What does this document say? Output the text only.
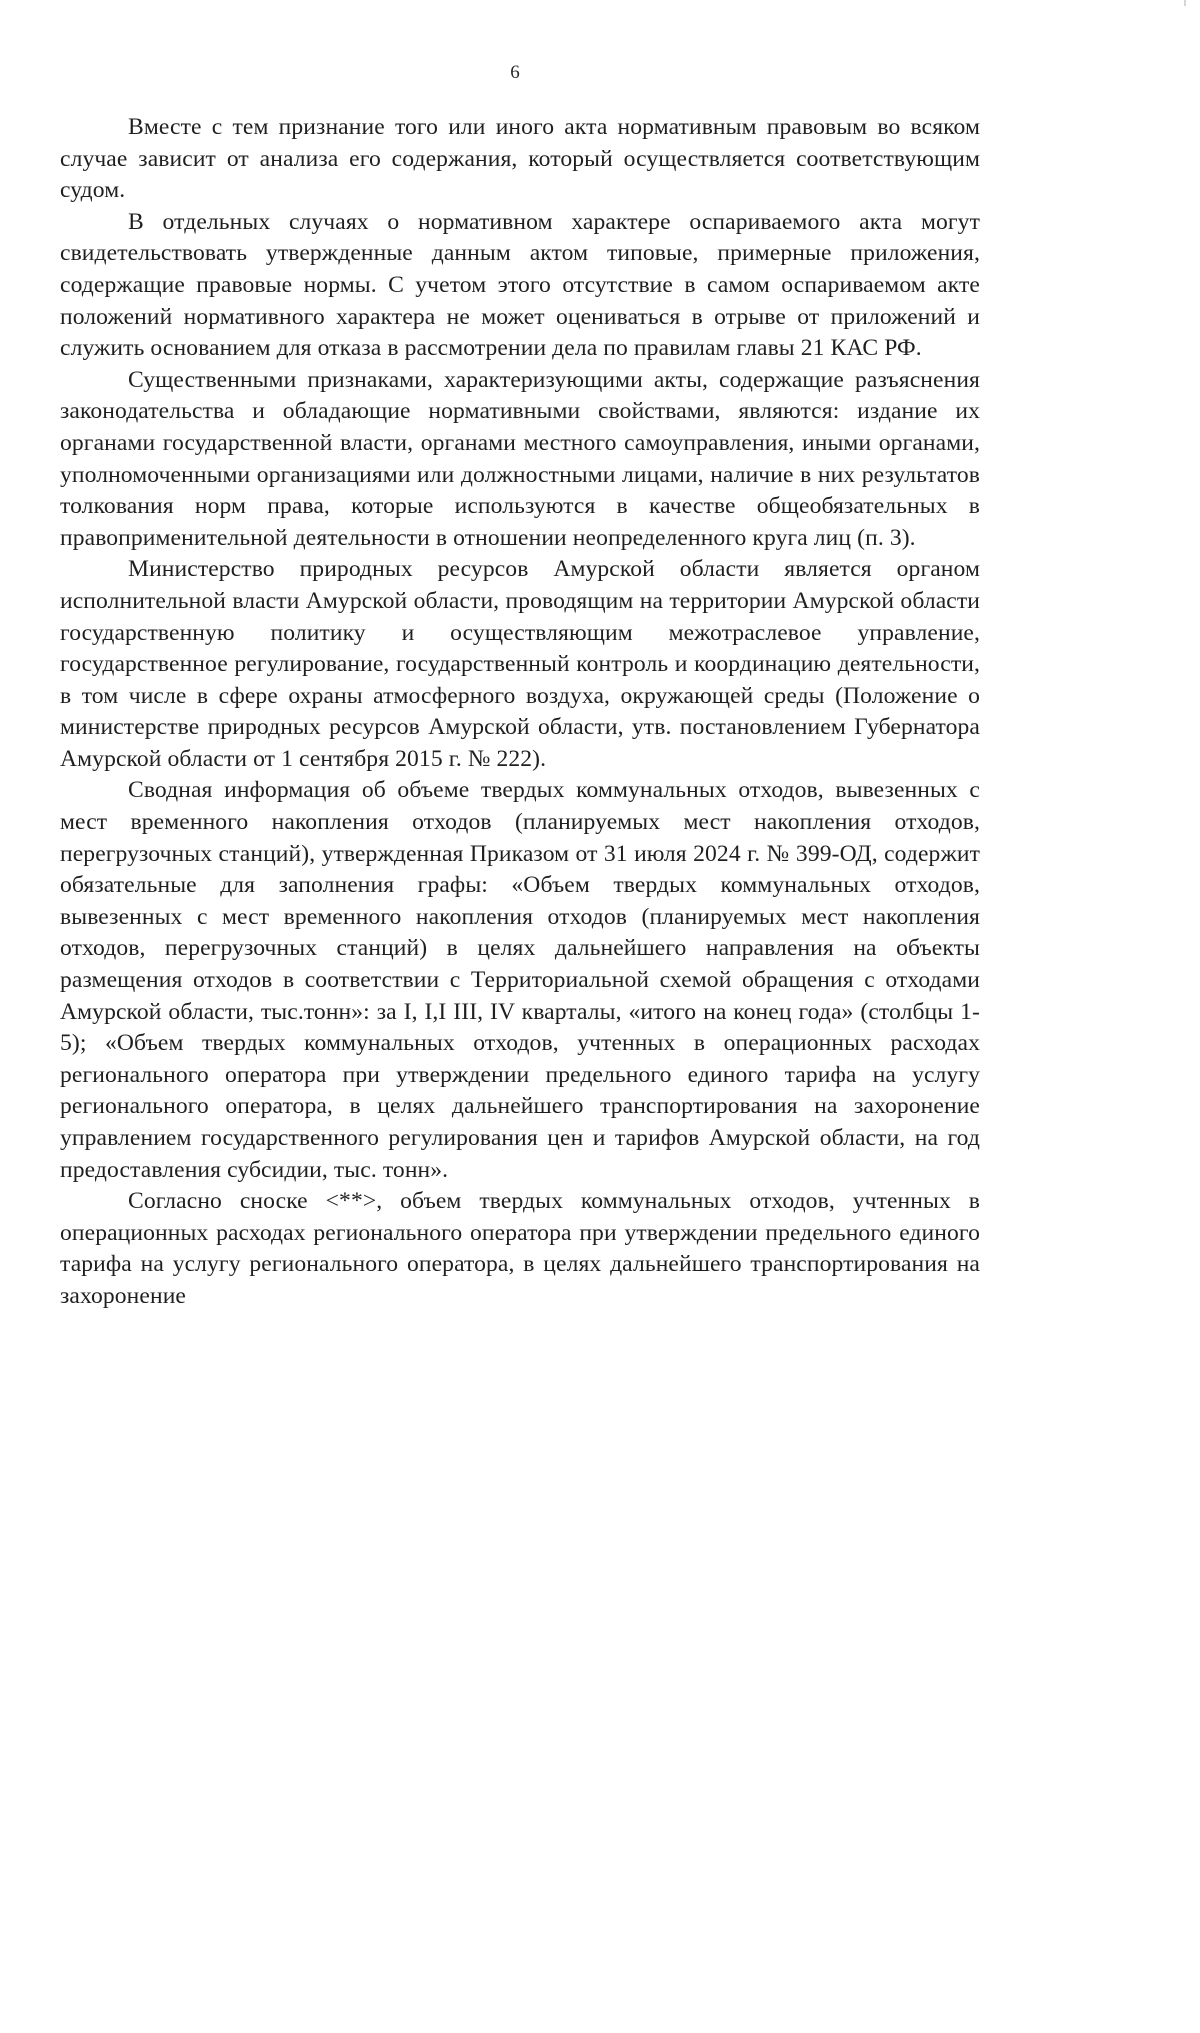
6

Вместе с тем признание того или иного акта нормативным правовым во всяком случае зависит от анализа его содержания, который осуществляется соответствующим судом.

В отдельных случаях о нормативном характере оспариваемого акта могут свидетельствовать утвержденные данным актом типовые, примерные приложения, содержащие правовые нормы. С учетом этого отсутствие в самом оспариваемом акте положений нормативного характера не может оцениваться в отрыве от приложений и служить основанием для отказа в рассмотрении дела по правилам главы 21 КАС РФ.

Существенными признаками, характеризующими акты, содержащие разъяснения законодательства и обладающие нормативными свойствами, являются: издание их органами государственной власти, органами местного самоуправления, иными органами, уполномоченными организациями или должностными лицами, наличие в них результатов толкования норм права, которые используются в качестве общеобязательных в правоприменительной деятельности в отношении неопределенного круга лиц (п. 3).

Министерство природных ресурсов Амурской области является органом исполнительной власти Амурской области, проводящим на территории Амурской области государственную политику и осуществляющим межотраслевое управление, государственное регулирование, государственный контроль и координацию деятельности, в том числе в сфере охраны атмосферного воздуха, окружающей среды (Положение о министерстве природных ресурсов Амурской области, утв. постановлением Губернатора Амурской области от 1 сентября 2015 г. № 222).

Сводная информация об объеме твердых коммунальных отходов, вывезенных с мест временного накопления отходов (планируемых мест накопления отходов, перегрузочных станций), утвержденная Приказом от 31 июля 2024 г. № 399-ОД, содержит обязательные для заполнения графы: «Объем твердых коммунальных отходов, вывезенных с мест временного накопления отходов (планируемых мест накопления отходов, перегрузочных станций) в целях дальнейшего направления на объекты размещения отходов в соответствии с Территориальной схемой обращения с отходами Амурской области, тыс.тонн»: за I, I,I III, IV кварталы, «итого на конец года» (столбцы 1-5); «Объем твердых коммунальных отходов, учтенных в операционных расходах регионального оператора при утверждении предельного единого тарифа на услугу регионального оператора, в целях дальнейшего транспортирования на захоронение управлением государственного регулирования цен и тарифов Амурской области, на год предоставления субсидии, тыс. тонн».

Согласно сноске <**>, объем твердых коммунальных отходов, учтенных в операционных расходах регионального оператора при утверждении предельного единого тарифа на услугу регионального оператора, в целях дальнейшего транспортирования на захоронение
